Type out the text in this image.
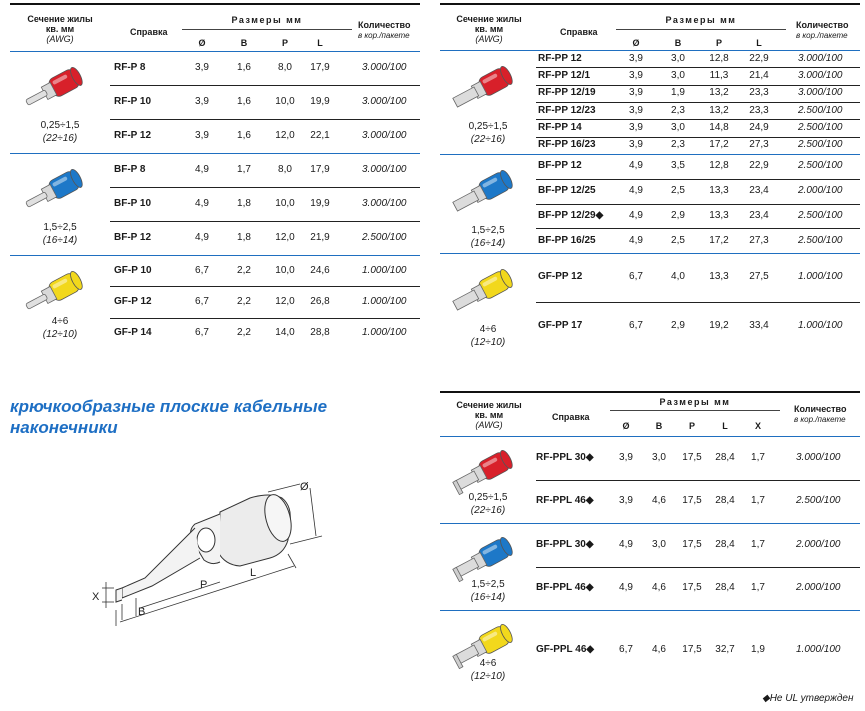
Сечение жилы
кв. мм
(AWG)
Справка
Размеры мм
Ø	B	P	L
Количество
в кор./пакете
0,25÷1,5
(22÷16)
RF-P 8	3,9	1,6	8,0	17,9	3.000/100
RF-P 10	3,9	1,6	10,0	19,9	3.000/100
RF-P 12	3,9	1,6	12,0	22,1	3.000/100
1,5÷2,5
(16÷14)
BF-P 8	4,9	1,7	8,0	17,9	3.000/100
BF-P 10	4,9	1,8	10,0	19,9	3.000/100
BF-P 12	4,9	1,8	12,0	21,9	2.500/100
4÷6
(12÷10)
GF-P 10	6,7	2,2	10,0	24,6	1.000/100
GF-P 12	6,7	2,2	12,0	26,8	1.000/100
GF-P 14	6,7	2,2	14,0	28,8	1.000/100
Сечение жилы
кв. мм
(AWG)
Справка
Размеры мм
Ø	B	P	L
Количество
в кор./пакете
0,25÷1,5
(22÷16)
RF-PP 12	3,9	3,0	12,8	22,9	3.000/100
RF-PP 12/1	3,9	3,0	11,3	21,4	3.000/100
RF-PP 12/19	3,9	1,9	13,2	23,3	3.000/100
RF-PP 12/23	3,9	2,3	13,2	23,3	2.500/100
RF-PP 14	3,9	3,0	14,8	24,9	2.500/100
RF-PP 16/23	3,9	2,3	17,2	27,3	2.500/100
1,5÷2,5
(16÷14)
BF-PP 12	4,9	3,5	12,8	22,9	2.500/100
BF-PP 12/25	4,9	2,5	13,3	23,4	2.000/100
BF-PP 12/29◆	4,9	2,9	13,3	23,4	2.500/100
BF-PP 16/25	4,9	2,5	17,2	27,3	2.500/100
4÷6
(12÷10)
GF-PP 12	6,7	4,0	13,3	27,5	1.000/100
GF-PP 17	6,7	2,9	19,2	33,4	1.000/100
Сечение жилы
кв. мм
(AWG)
Справка
Размеры мм
Ø	B	P	L	X
Количество
в кор./пакете
0,25÷1,5
(22÷16)
RF-PPL 30◆	3,9	3,0	17,5	28,4	1,7	3.000/100
RF-PPL 46◆	3,9	4,6	17,5	28,4	1,7	2.500/100
1,5÷2,5
(16÷14)
BF-PPL 30◆	4,9	3,0	17,5	28,4	1,7	2.000/100
BF-PPL 46◆	4,9	4,6	17,5	28,4	1,7	2.000/100
4÷6
(12÷10)
GF-PPL 46◆	6,7	4,6	17,5	32,7	1,9	1.000/100
крючкообразные плоские кабельные
наконечники
Ø
L
P
B
X
◆Не UL утвержден
